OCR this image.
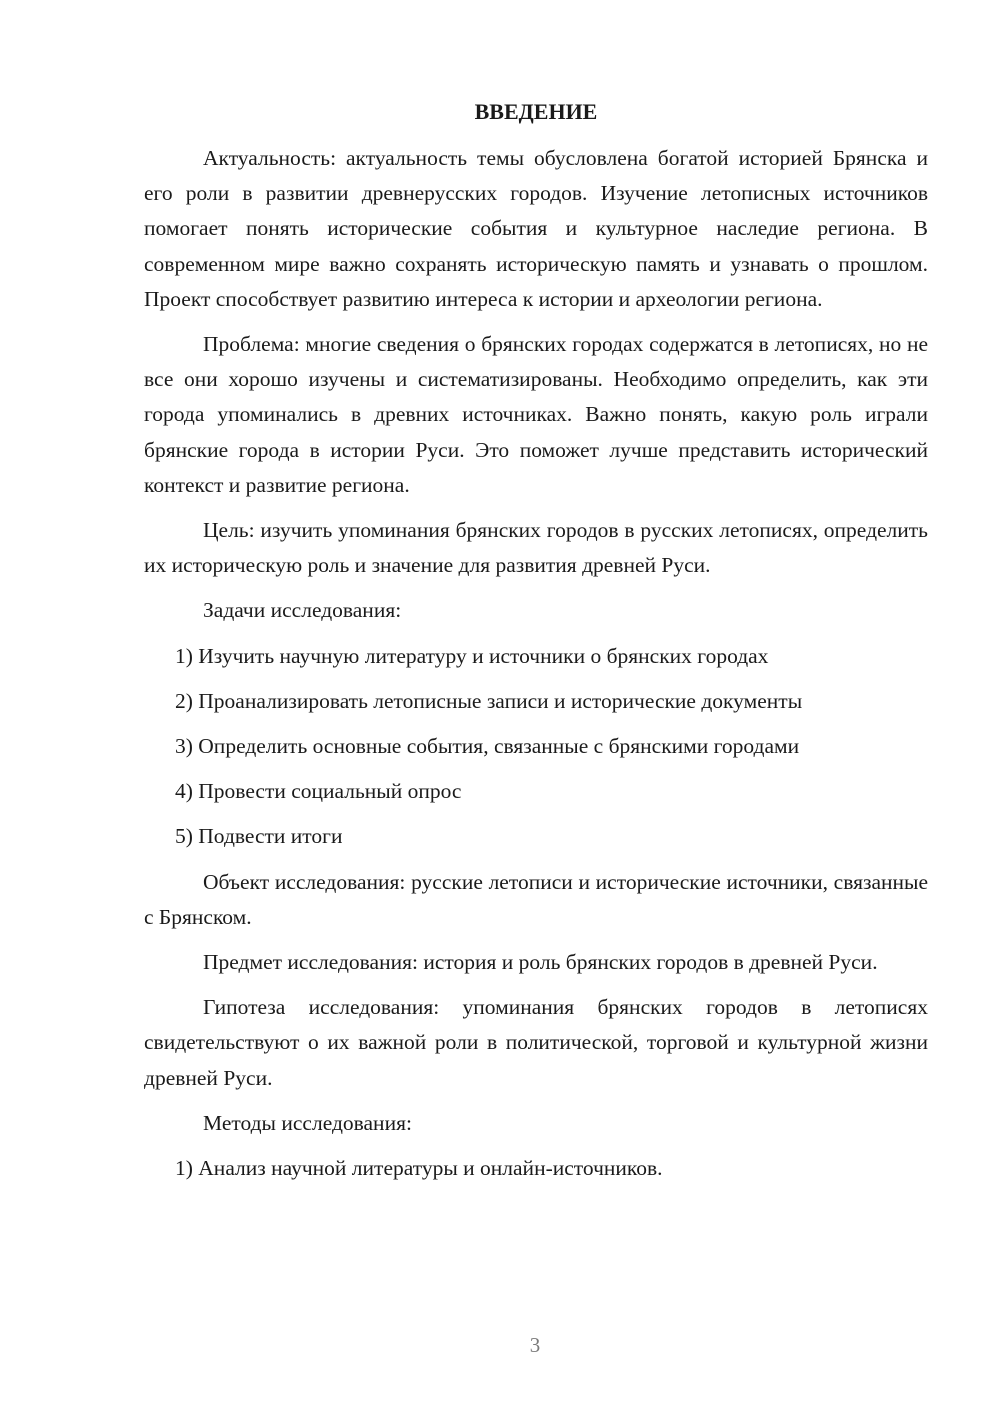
ВВЕДЕНИЕ

Актуальность: актуальность темы обусловлена богатой историей Брянска и его роли в развитии древнерусских городов. Изучение летописных источников помогает понять исторические события и культурное наследие региона. В современном мире важно сохранять историческую память и узнавать о прошлом. Проект способствует развитию интереса к истории и археологии региона.

Проблема: многие сведения о брянских городах содержатся в летописях, но не все они хорошо изучены и систематизированы. Необходимо определить, как эти города упоминались в древних источниках. Важно понять, какую роль играли брянские города в истории Руси. Это поможет лучше представить исторический контекст и развитие региона.

Цель: изучить упоминания брянских городов в русских летописях, определить их историческую роль и значение для развития древней Руси.

Задачи исследования:

1) Изучить научную литературу и источники о брянских городах
2) Проанализировать летописные записи и исторические документы
3) Определить основные события, связанные с брянскими городами
4) Провести социальный опрос
5) Подвести итоги

Объект исследования: русские летописи и исторические источники, связанные с Брянском.

Предмет исследования: история и роль брянских городов в древней Руси.

Гипотеза исследования: упоминания брянских городов в летописях свидетельствуют о их важной роли в политической, торговой и культурной жизни древней Руси.

Методы исследования:

1) Анализ научной литературы и онлайн-источников.
3
